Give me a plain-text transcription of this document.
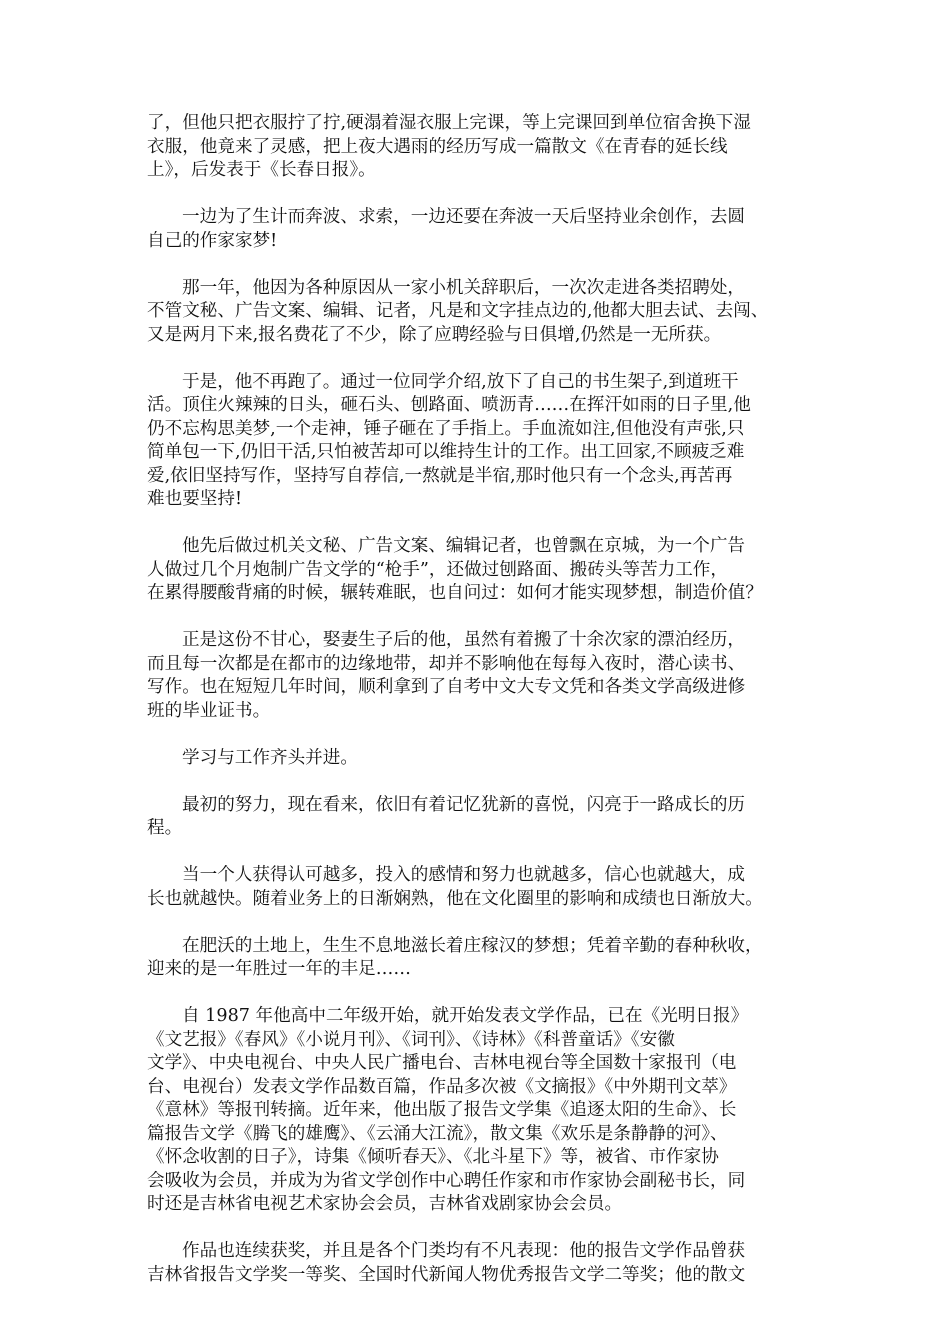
了，但他只把衣服拧了拧,硬溻着湿衣服上完课，等上完课回到单位宿舍换下湿
衣服，他竟来了灵感，把上夜大遇雨的经历写成一篇散文《在青春的延长线
上》，后发表于《长春日报》。
一边为了生计而奔波、求索，一边还要在奔波一天后坚持业余创作，去圆
自己的作家家梦!
那一年，他因为各种原因从一家小机关辞职后，一次次走进各类招聘处，
不管文秘、广告文案、编辑、记者，凡是和文字挂点边的,他都大胆去试、去闯、
又是两月下来,报名费花了不少，除了应聘经验与日俱增,仍然是一无所获。
于是，他不再跑了。通过一位同学介绍,放下了自己的书生架子,到道班干
活。顶住火辣辣的日头，砸石头、刨路面、喷沥青……在挥汗如雨的日子里,他
仍不忘构思美梦,一个走神，锤子砸在了手指上。手血流如注,但他没有声张,只
简单包一下,仍旧干活,只怕被苦却可以维持生计的工作。出工回家,不顾疲乏难
爱,依旧坚持写作，坚持写自荐信,一熬就是半宿,那时他只有一个念头,再苦再
难也要坚持!
他先后做过机关文秘、广告文案、编辑记者，也曾飘在京城，为一个广告
人做过几个月炮制广告文学的“枪手”，还做过刨路面、搬砖头等苦力工作，
在累得腰酸背痛的时候，辗转难眠，也自问过：如何才能实现梦想，制造价值？
正是这份不甘心，娶妻生子后的他，虽然有着搬了十余次家的漂泊经历，
而且每一次都是在都市的边缘地带，却并不影响他在每每入夜时，潜心读书、
写作。也在短短几年时间，顺利拿到了自考中文大专文凭和各类文学高级进修
班的毕业证书。
学习与工作齐头并进。
最初的努力，现在看来，依旧有着记忆犹新的喜悦，闪亮于一路成长的历
程。
当一个人获得认可越多，投入的感情和努力也就越多，信心也就越大，成
长也就越快。随着业务上的日渐娴熟，他在文化圈里的影响和成绩也日渐放大。
在肥沃的土地上，生生不息地滋长着庄稼汉的梦想；凭着辛勤的春种秋收，
迎来的是一年胜过一年的丰足……
自 1987 年他高中二年级开始，就开始发表文学作品，已在《光明日报》
《文艺报》《春风》《小说月刊》、《词刊》、《诗林》《科普童话》《安徽
文学》、中央电视台、中央人民广播电台、吉林电视台等全国数十家报刊（电
台、电视台）发表文学作品数百篇，作品多次被《文摘报》《中外期刊文萃》
《意林》等报刊转摘。近年来，他出版了报告文学集《追逐太阳的生命》、长
篇报告文学《腾飞的雄鹰》、《云涌大江流》，散文集《欢乐是条静静的河》、
《怀念收割的日子》，诗集《倾听春天》、《北斗星下》等，被省、市作家协
会吸收为会员，并成为为省文学创作中心聘任作家和市作家协会副秘书长，同
时还是吉林省电视艺术家协会会员，吉林省戏剧家协会会员。
作品也连续获奖，并且是各个门类均有不凡表现：他的报告文学作品曾获
吉林省报告文学奖一等奖、全国时代新闻人物优秀报告文学二等奖；他的散文
